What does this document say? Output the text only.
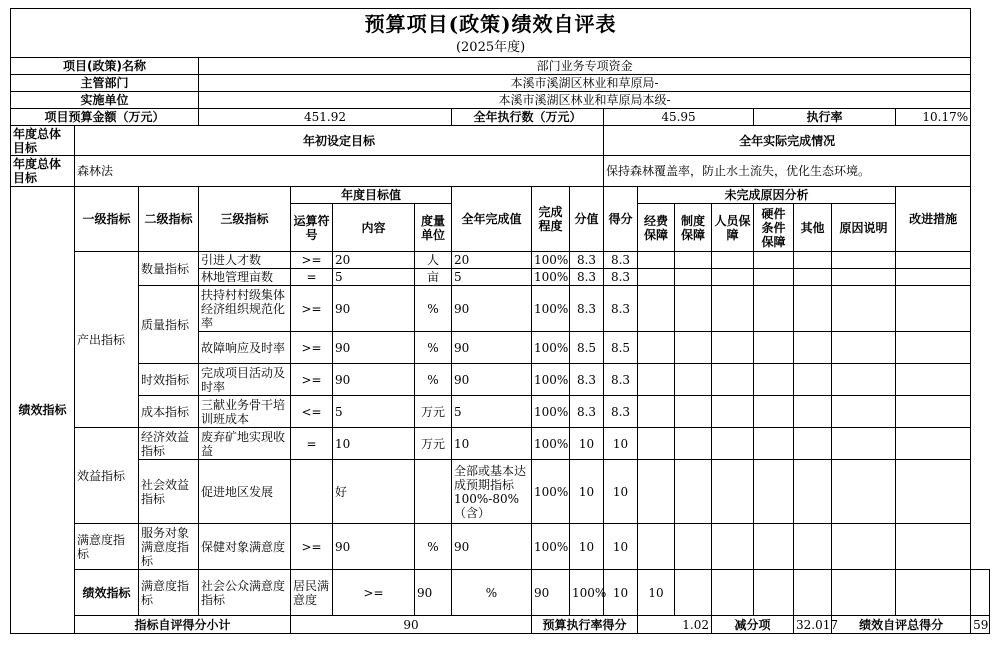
预算项目(政策)绩效自评表																		
(2025年度)																		
项目(政策)名称			部门业务专项资金															
主管部门			本溪市溪湖区林业和草原局-															
实施单位			本溪市溪湖区林业和草原局本级-															
项目预算金额（万元）			451.92				全年执行数（万元）			45.95				执行率			10.17%	
年度总体目标	年初设定目标									全年实际完成情况								
年度总体目标	森林法									保持森林覆盖率，防止水土流失，优化生态环境。								
绩效指标	一级指标	二级指标	三级指标	年度目标值			全年完成值	完成程度	分值	得分	未完成原因分析						改进措施	
				运算符号	内容	度量单位					经费保障	制度保障	人员保障	硬件条件保障	其他	原因说明		
	产出指标	数量指标	引进人才数	>=	20	人	20	100%	8.3	8.3								
			林地管理亩数	=	5	亩	5	100%	8.3	8.3								
		质量指标	扶持村村级集体经济组织规范化率	>=	90	%	90	100%	8.3	8.3								
			故障响应及时率	>=	90	%	90	100%	8.5	8.5								
		时效指标	完成项目活动及时率	>=	90	%	90	100%	8.3	8.3								
		成本指标	三献业务骨干培训班成本	<=	5	万元	5	100%	8.3	8.3								
	效益指标	经济效益指标	废弃矿地实现收益	=	10	万元	10	100%	10	10								
		社会效益指标	促进地区发展		好		全部或基本达成预期指标100%-80%（含）	100%	10	10								
	满意度指标	服务对象满意度指标	保健对象满意度	>=	90	%	90	100%	10	10								
	绩效指标	满意度指标	社会公众满意度指标	居民满意度	>=	90	%	90	100%	10	10							
	指标自评得分小计			90				预算执行率得分			1.02		减分项		32.017	绩效自评总得分		59
